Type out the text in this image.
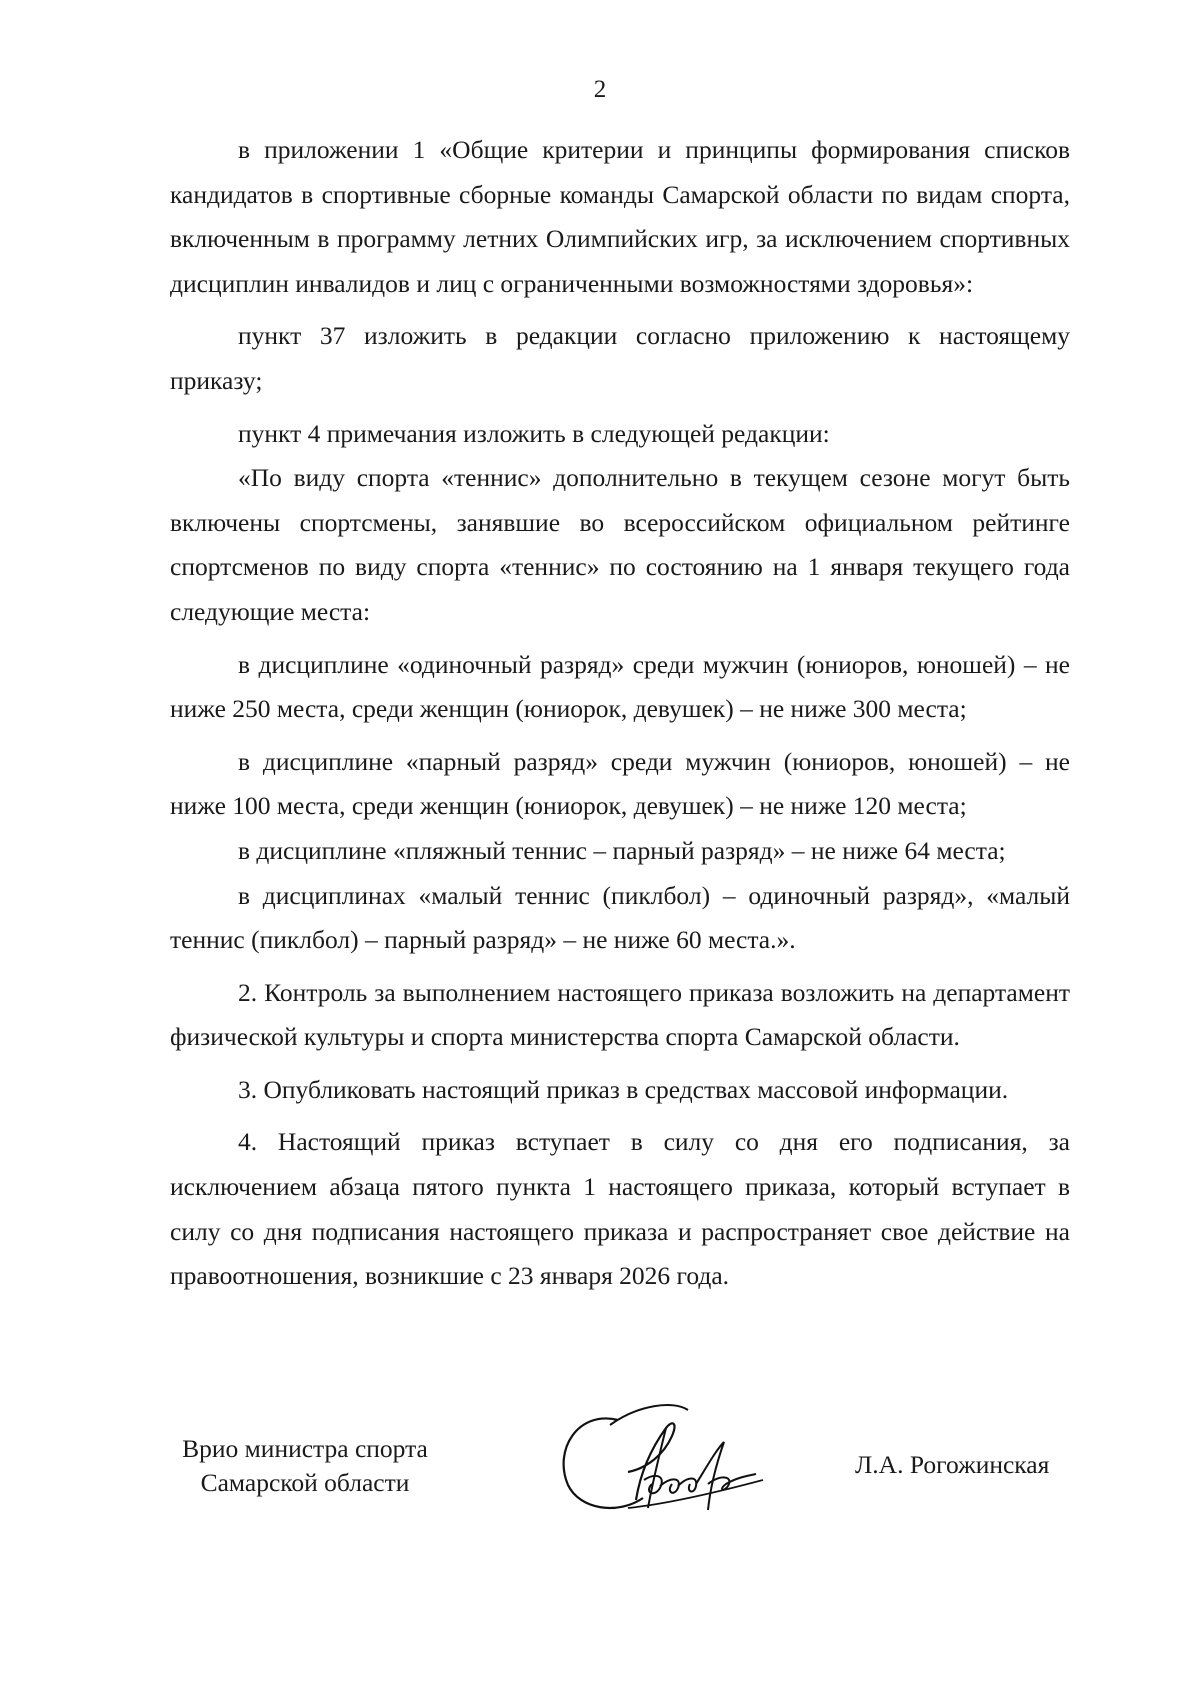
2

в приложении 1 «Общие критерии и принципы формирования списков кандидатов в спортивные сборные команды Самарской области по видам спорта, включенным в программу летних Олимпийских игр, за исключением спортивных дисциплин инвалидов и лиц с ограниченными возможностями здоровья»:

пункт 37 изложить в редакции согласно приложению к настоящему приказу;

пункт 4 примечания изложить в следующей редакции:

«По виду спорта «теннис» дополнительно в текущем сезоне могут быть включены спортсмены, занявшие во всероссийском официальном рейтинге спортсменов по виду спорта «теннис» по состоянию на 1 января текущего года следующие места:

в дисциплине «одиночный разряд» среди мужчин (юниоров, юношей) – не ниже 250 места, среди женщин (юниорок, девушек) – не ниже 300 места;

в дисциплине «парный разряд» среди мужчин (юниоров, юношей) – не ниже 100 места, среди женщин (юниорок, девушек) – не ниже 120 места;

в дисциплине «пляжный теннис – парный разряд» – не ниже 64 места;

в дисциплинах «малый теннис (пиклбол) – одиночный разряд», «малый теннис (пиклбол) – парный разряд» – не ниже 60 места.».

2. Контроль за выполнением настоящего приказа возложить на департамент физической культуры и спорта министерства спорта Самарской области.

3. Опубликовать настоящий приказ в средствах массовой информации.

4. Настоящий приказ вступает в силу со дня его подписания, за исключением абзаца пятого пункта 1 настоящего приказа, который вступает в силу со дня подписания настоящего приказа и распространяет свое действие на правоотношения, возникшие с 23 января 2026 года.

Врио министра спорта
Самарской области
Л.А. Рогожинская
